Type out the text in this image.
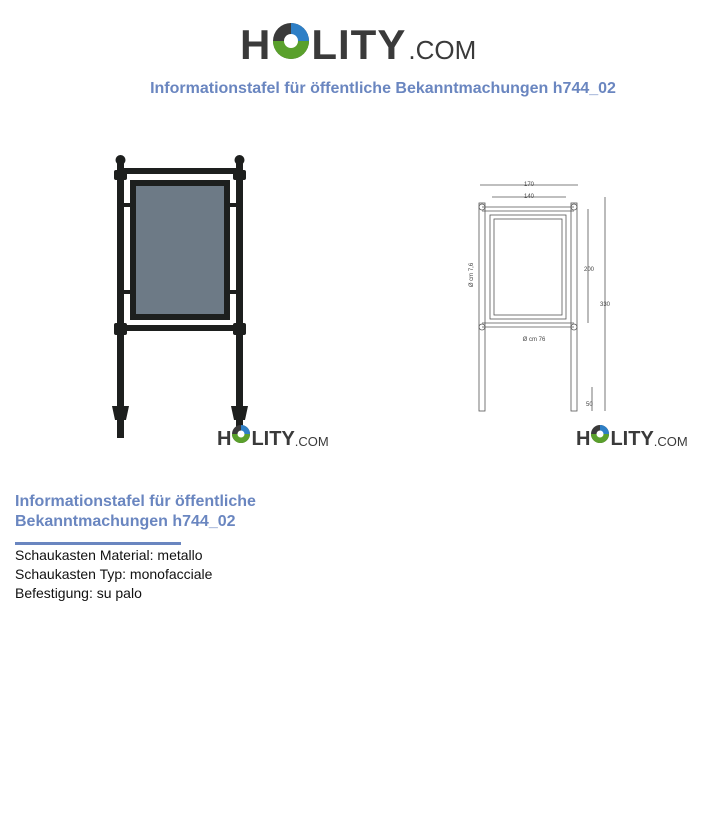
H LITY .COM
Informationstafel für öffentliche Bekanntmachungen h744_02
H LITY .COM
170
140
200
330
50
Ø cm 7,6
Ø cm 76
H LITY .COM
Informationstafel für öffentliche
Bekanntmachungen h744_02
Schaukasten Material: metallo
Schaukasten Typ: monofacciale
Befestigung: su palo
